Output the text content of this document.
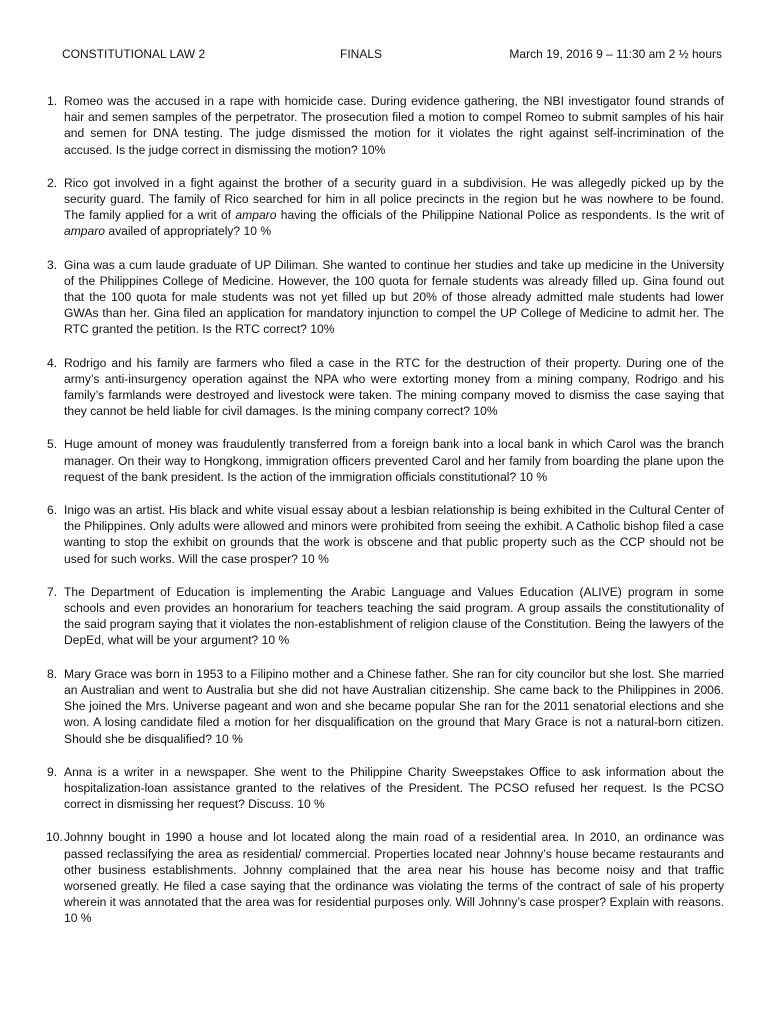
CONSTITUTIONAL LAW 2	FINALS	March 19, 2016 9 – 11:30 am 2 ½ hours
1. Romeo was the accused in a rape with homicide case. During evidence gathering, the NBI investigator found strands of hair and semen samples of the perpetrator. The prosecution filed a motion to compel Romeo to submit samples of his hair and semen for DNA testing. The judge dismissed the motion for it violates the right against self-incrimination of the accused. Is the judge correct in dismissing the motion? 10%
2. Rico got involved in a fight against the brother of a security guard in a subdivision. He was allegedly picked up by the security guard. The family of Rico searched for him in all police precincts in the region but he was nowhere to be found. The family applied for a writ of amparo having the officials of the Philippine National Police as respondents. Is the writ of amparo availed of appropriately? 10 %
3. Gina was a cum laude graduate of UP Diliman. She wanted to continue her studies and take up medicine in the University of the Philippines College of Medicine. However, the 100 quota for female students was already filled up. Gina found out that the 100 quota for male students was not yet filled up but 20% of those already admitted male students had lower GWAs than her. Gina filed an application for mandatory injunction to compel the UP College of Medicine to admit her. The RTC granted the petition. Is the RTC correct? 10%
4. Rodrigo and his family are farmers who filed a case in the RTC for the destruction of their property. During one of the army’s anti-insurgency operation against the NPA who were extorting money from a mining company, Rodrigo and his family’s farmlands were destroyed and livestock were taken. The mining company moved to dismiss the case saying that they cannot be held liable for civil damages. Is the mining company correct? 10%
5. Huge amount of money was fraudulently transferred from a foreign bank into a local bank in which Carol was the branch manager. On their way to Hongkong, immigration officers prevented Carol and her family from boarding the plane upon the request of the bank president. Is the action of the immigration officials constitutional? 10 %
6. Inigo was an artist. His black and white visual essay about a lesbian relationship is being exhibited in the Cultural Center of the Philippines. Only adults were allowed and minors were prohibited from seeing the exhibit. A Catholic bishop filed a case wanting to stop the exhibit on grounds that the work is obscene and that public property such as the CCP should not be used for such works. Will the case prosper? 10 %
7. The Department of Education is implementing the Arabic Language and Values Education (ALIVE) program in some schools and even provides an honorarium for teachers teaching the said program. A group assails the constitutionality of the said program saying that it violates the non-establishment of religion clause of the Constitution. Being the lawyers of the DepEd, what will be your argument? 10 %
8. Mary Grace was born in 1953 to a Filipino mother and a Chinese father. She ran for city councilor but she lost. She married an Australian and went to Australia but she did not have Australian citizenship. She came back to the Philippines in 2006. She joined the Mrs. Universe pageant and won and she became popular She ran for the 2011 senatorial elections and she won. A losing candidate filed a motion for her disqualification on the ground that Mary Grace is not a natural-born citizen. Should she be disqualified? 10 %
9. Anna is a writer in a newspaper. She went to the Philippine Charity Sweepstakes Office to ask information about the hospitalization-loan assistance granted to the relatives of the President. The PCSO refused her request. Is the PCSO correct in dismissing her request? Discuss. 10 %
10. Johnny bought in 1990 a house and lot located along the main road of a residential area. In 2010, an ordinance was passed reclassifying the area as residential/ commercial. Properties located near Johnny’s house became restaurants and other business establishments. Johnny complained that the area near his house has become noisy and that traffic worsened greatly. He filed a case saying that the ordinance was violating the terms of the contract of sale of his property wherein it was annotated that the area was for residential purposes only. Will Johnny’s case prosper? Explain with reasons. 10 %
